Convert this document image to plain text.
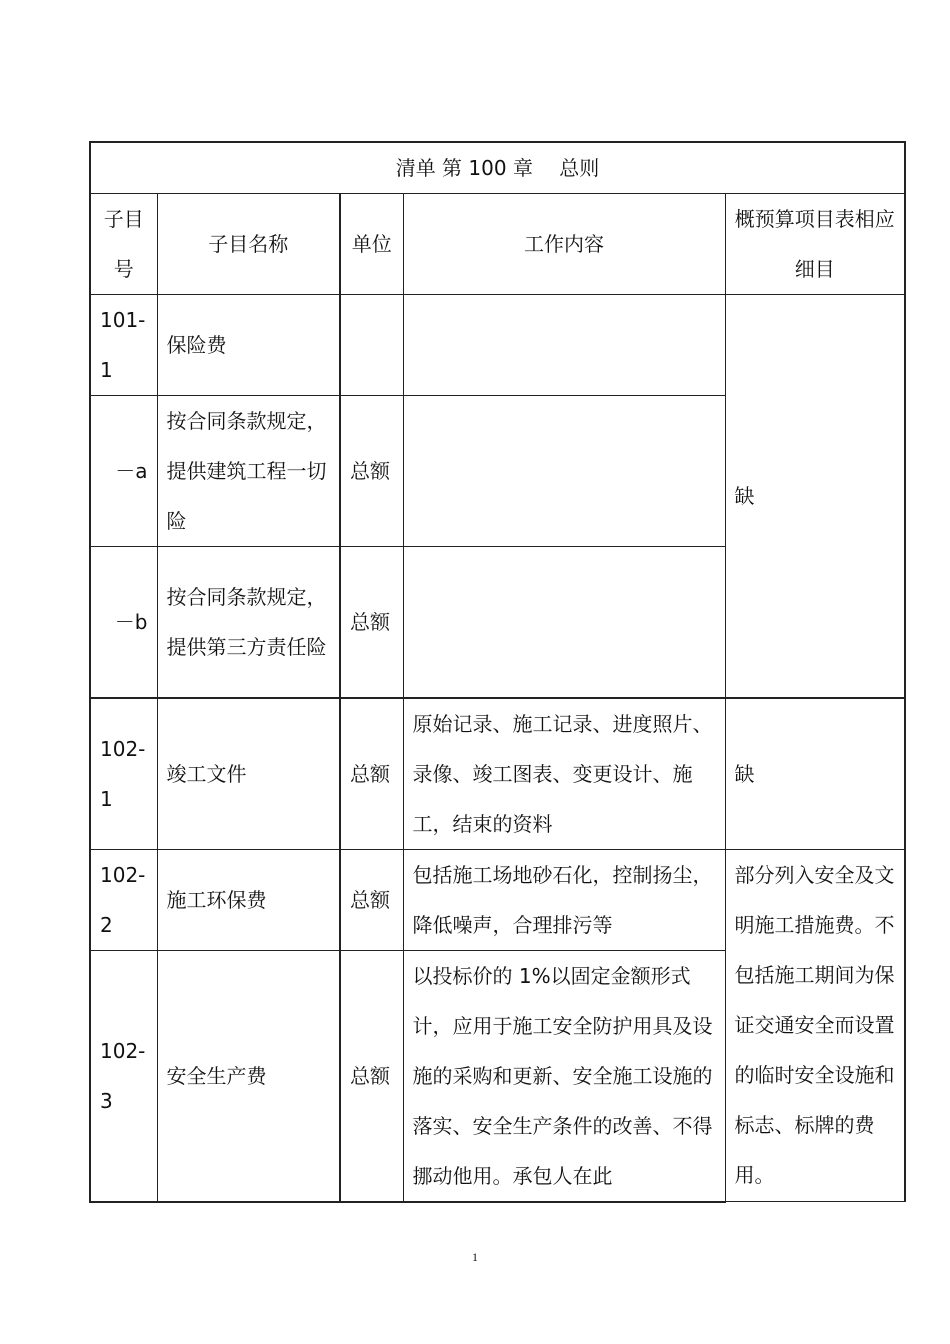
清单 第 100 章　 总则				
子目号	子目名称	单位	工作内容	概预算项目表相应细目
101-1	保险费			缺
－a	按合同条款规定，提供建筑工程一切险	总额		
－b	按合同条款规定，提供第三方责任险	总额		
102-1	竣工文件	总额	原始记录、施工记录、进度照片、录像、竣工图表、变更设计、施工，结束的资料	缺
102-2	施工环保费	总额	包括施工场地砂石化，控制扬尘，降低噪声，合理排污等	部分列入安全及文明施工措施费。不包括施工期间为保证交通安全而设置的临时安全设施和标志、标牌的费用。
102-3	安全生产费	总额	以投标价的 1%以固定金额形式计，应用于施工安全防护用具及设施的采购和更新、安全施工设施的落实、安全生产条件的改善、不得挪动他用。承包人在此	
1
